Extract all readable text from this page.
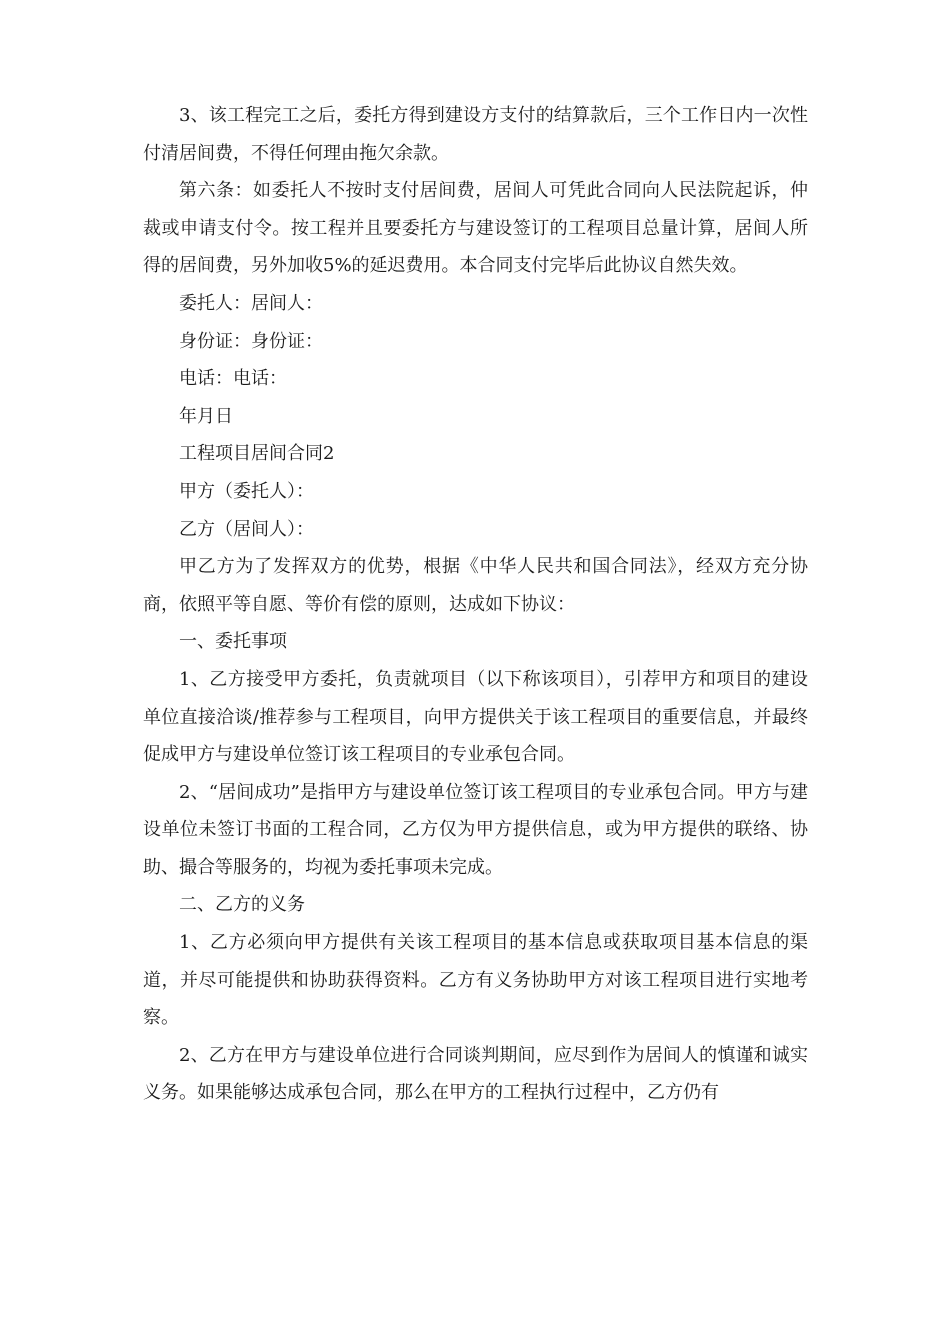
3、该工程完工之后，委托方得到建设方支付的结算款后，三个工作日内一次性付清居间费，不得任何理由拖欠余款。

第六条：如委托人不按时支付居间费，居间人可凭此合同向人民法院起诉，仲裁或申请支付令。按工程并且要委托方与建设签订的工程项目总量计算，居间人所得的居间费，另外加收5%的延迟费用。本合同支付完毕后此协议自然失效。

委托人：居间人：

身份证：身份证：

电话：电话：

年月日

工程项目居间合同2

甲方（委托人）：

乙方（居间人）：

甲乙方为了发挥双方的优势，根据《中华人民共和国合同法》，经双方充分协商，依照平等自愿、等价有偿的原则，达成如下协议：

一、委托事项

1、乙方接受甲方委托，负责就项目（以下称该项目），引荐甲方和项目的建设单位直接洽谈/推荐参与工程项目，向甲方提供关于该工程项目的重要信息，并最终促成甲方与建设单位签订该工程项目的专业承包合同。

2、“居间成功”是指甲方与建设单位签订该工程项目的专业承包合同。甲方与建设单位未签订书面的工程合同，乙方仅为甲方提供信息，或为甲方提供的联络、协助、撮合等服务的，均视为委托事项未完成。

二、乙方的义务

1、乙方必须向甲方提供有关该工程项目的基本信息或获取项目基本信息的渠道，并尽可能提供和协助获得资料。乙方有义务协助甲方对该工程项目进行实地考察。

2、乙方在甲方与建设单位进行合同谈判期间，应尽到作为居间人的慎谨和诚实义务。如果能够达成承包合同，那么在甲方的工程执行过程中，乙方仍有
